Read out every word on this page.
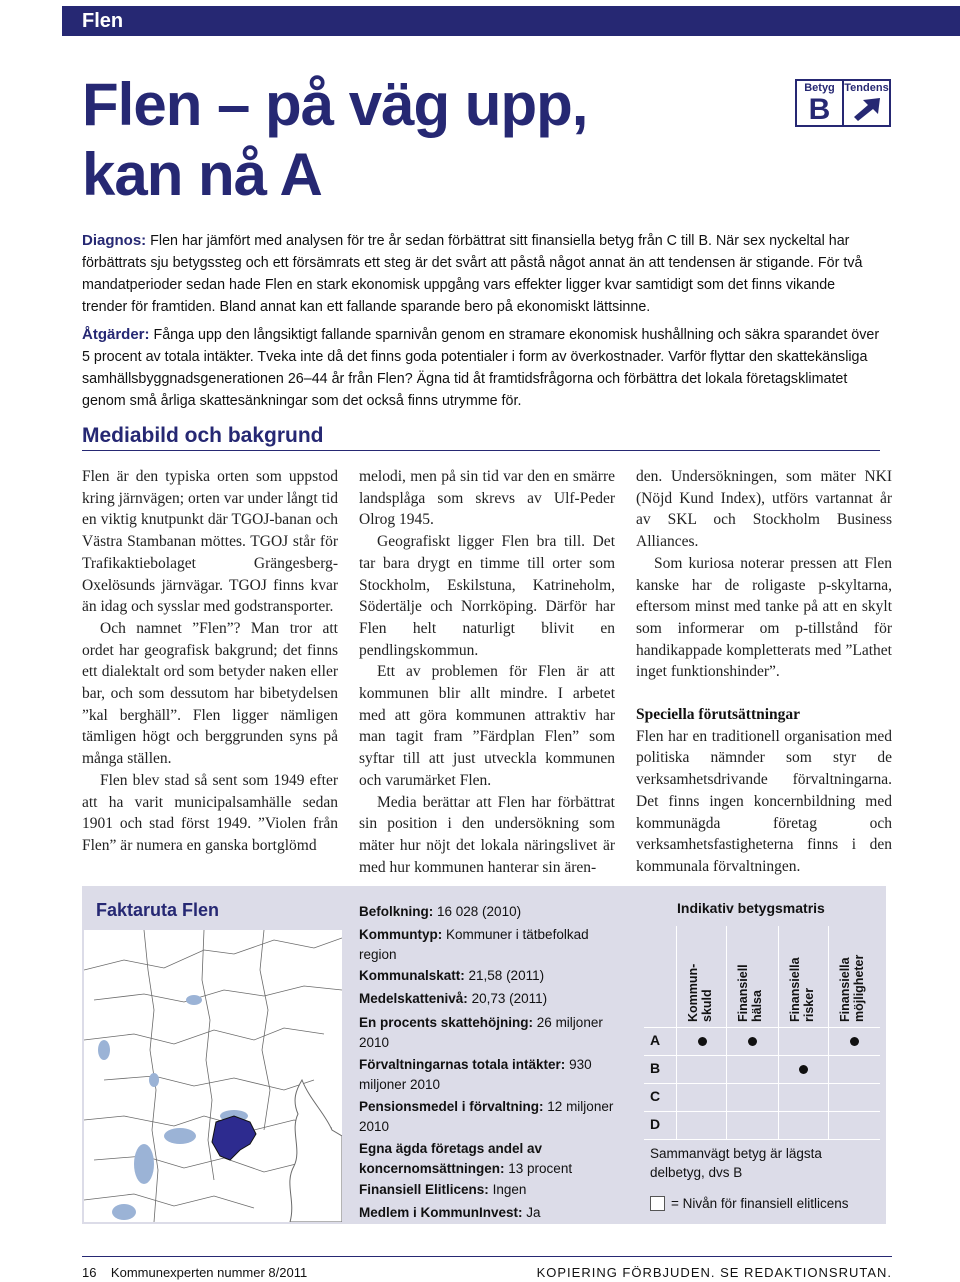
Flen
Flen – på väg upp,
kan nå A
Betyg
B
Tendens
Diagnos: Flen har jämfört med analysen för tre år sedan förbättrat sitt finansiella betyg från C till B. När sex nyckeltal har förbättrats sju betygssteg och ett försämrats ett steg är det svårt att påstå något annat än att tendensen är stigande. För två mandatperioder sedan hade Flen en stark ekonomisk uppgång vars effekter ligger kvar samtidigt som det finns vikande trender för framtiden. Bland annat kan ett fallande sparande bero på ekonomiskt lättsinne.
Åtgärder: Fånga upp den långsiktigt fallande sparnivån genom en stramare ekonomisk hushållning och säkra sparandet över 5 procent av totala intäkter. Tveka inte då det finns goda potentialer i form av överkostnader. Varför flyttar den skattekänsliga samhällsbyggnadsgenerationen 26–44 år från Flen? Ägna tid åt framtidsfrågorna och förbättra det lokala företagsklimatet genom små årliga skattesänkningar som det också finns utrymme för.
Mediabild och bakgrund

Flen är den typiska orten som uppstod kring järnvägen; orten var under långt tid en viktig knutpunkt där TGOJ-banan och Västra Stambanan möttes. TGOJ står för Trafikaktiebolaget Grängesberg-Oxelösunds järnvägar. TGOJ finns kvar än idag och sysslar med godstransporter.

Och namnet ”Flen”? Man tror att ordet har geografisk bakgrund; det finns ett dialektalt ord som betyder naken eller bar, och som dessutom har bibetydelsen ”kal berghäll”. Flen ligger nämligen tämligen högt och berggrunden syns på många ställen.

Flen blev stad så sent som 1949 efter att ha varit municipalsamhälle sedan 1901 och stad först 1949. ”Violen från Flen” är numera en ganska bortglömd

melodi, men på sin tid var den en smärre landsplåga som skrevs av Ulf-Peder Olrog 1945.

Geografiskt ligger Flen bra till. Det tar bara drygt en timme till orter som Stockholm, Eskilstuna, Katrineholm, Södertälje och Norrköping. Därför har Flen helt naturligt blivit en pendlingskommun.

Ett av problemen för Flen är att kommunen blir allt mindre. I arbetet med att göra kommunen attraktiv har man tagit fram ”Färdplan Flen” som syftar till att just utveckla kommunen och varumärket Flen.

Media berättar att Flen har förbättrat sin position i den undersökning som mäter hur nöjt det lokala näringslivet är med hur kommunen hanterar sin ären-

den. Undersökningen, som mäter NKI (Nöjd Kund Index), utförs vartannat år av SKL och Stockholm Business Alliances.

Som kuriosa noterar pressen att Flen kanske har de roligaste p-skyltarna, eftersom minst med tanke på att en skylt som informerar om p-tillstånd för handikappade kompletterats med ”Lathet inget funktionshinder”.

Speciella förutsättningar

Flen har en traditionell organisation med politiska nämnder som styr de verksamhetsdrivande förvaltningarna. Det finns ingen koncernbildning med kommunägda företag och verksamhetsfastigheterna finns i den kommunala förvaltningen.

Faktaruta Flen	Befolkning: 16 028 (2010)
Kommuntyp: Kommuner i tätbefolkad region
Kommunalskatt: 21,58 (2011)
Medelskattenivå: 20,73 (2011)
En procents skattehöjning: 26 miljoner 2010
Förvaltningarnas totala intäkter: 930 miljoner 2010
Pensionsmedel i förvaltning: 12 miljoner 2010
Egna ägda företags andel av koncernomsättningen: 13 procent
Finansiell Elitlicens: Ingen
Medlem i KommunInvest: Ja
Indikativ betygsmatris
Kommun-
skuld Finansiell
hälsa Finansiella
risker Finansiella
möjligheter
A
B
C
D
Sammanvägt betyg är lägsta delbetyg, dvs B
= Nivån för finansiell elitlicens
16 Kommunexperten nummer 8/2011	KOPIERING FÖRBJUDEN. SE REDAKTIONSRUTAN.
